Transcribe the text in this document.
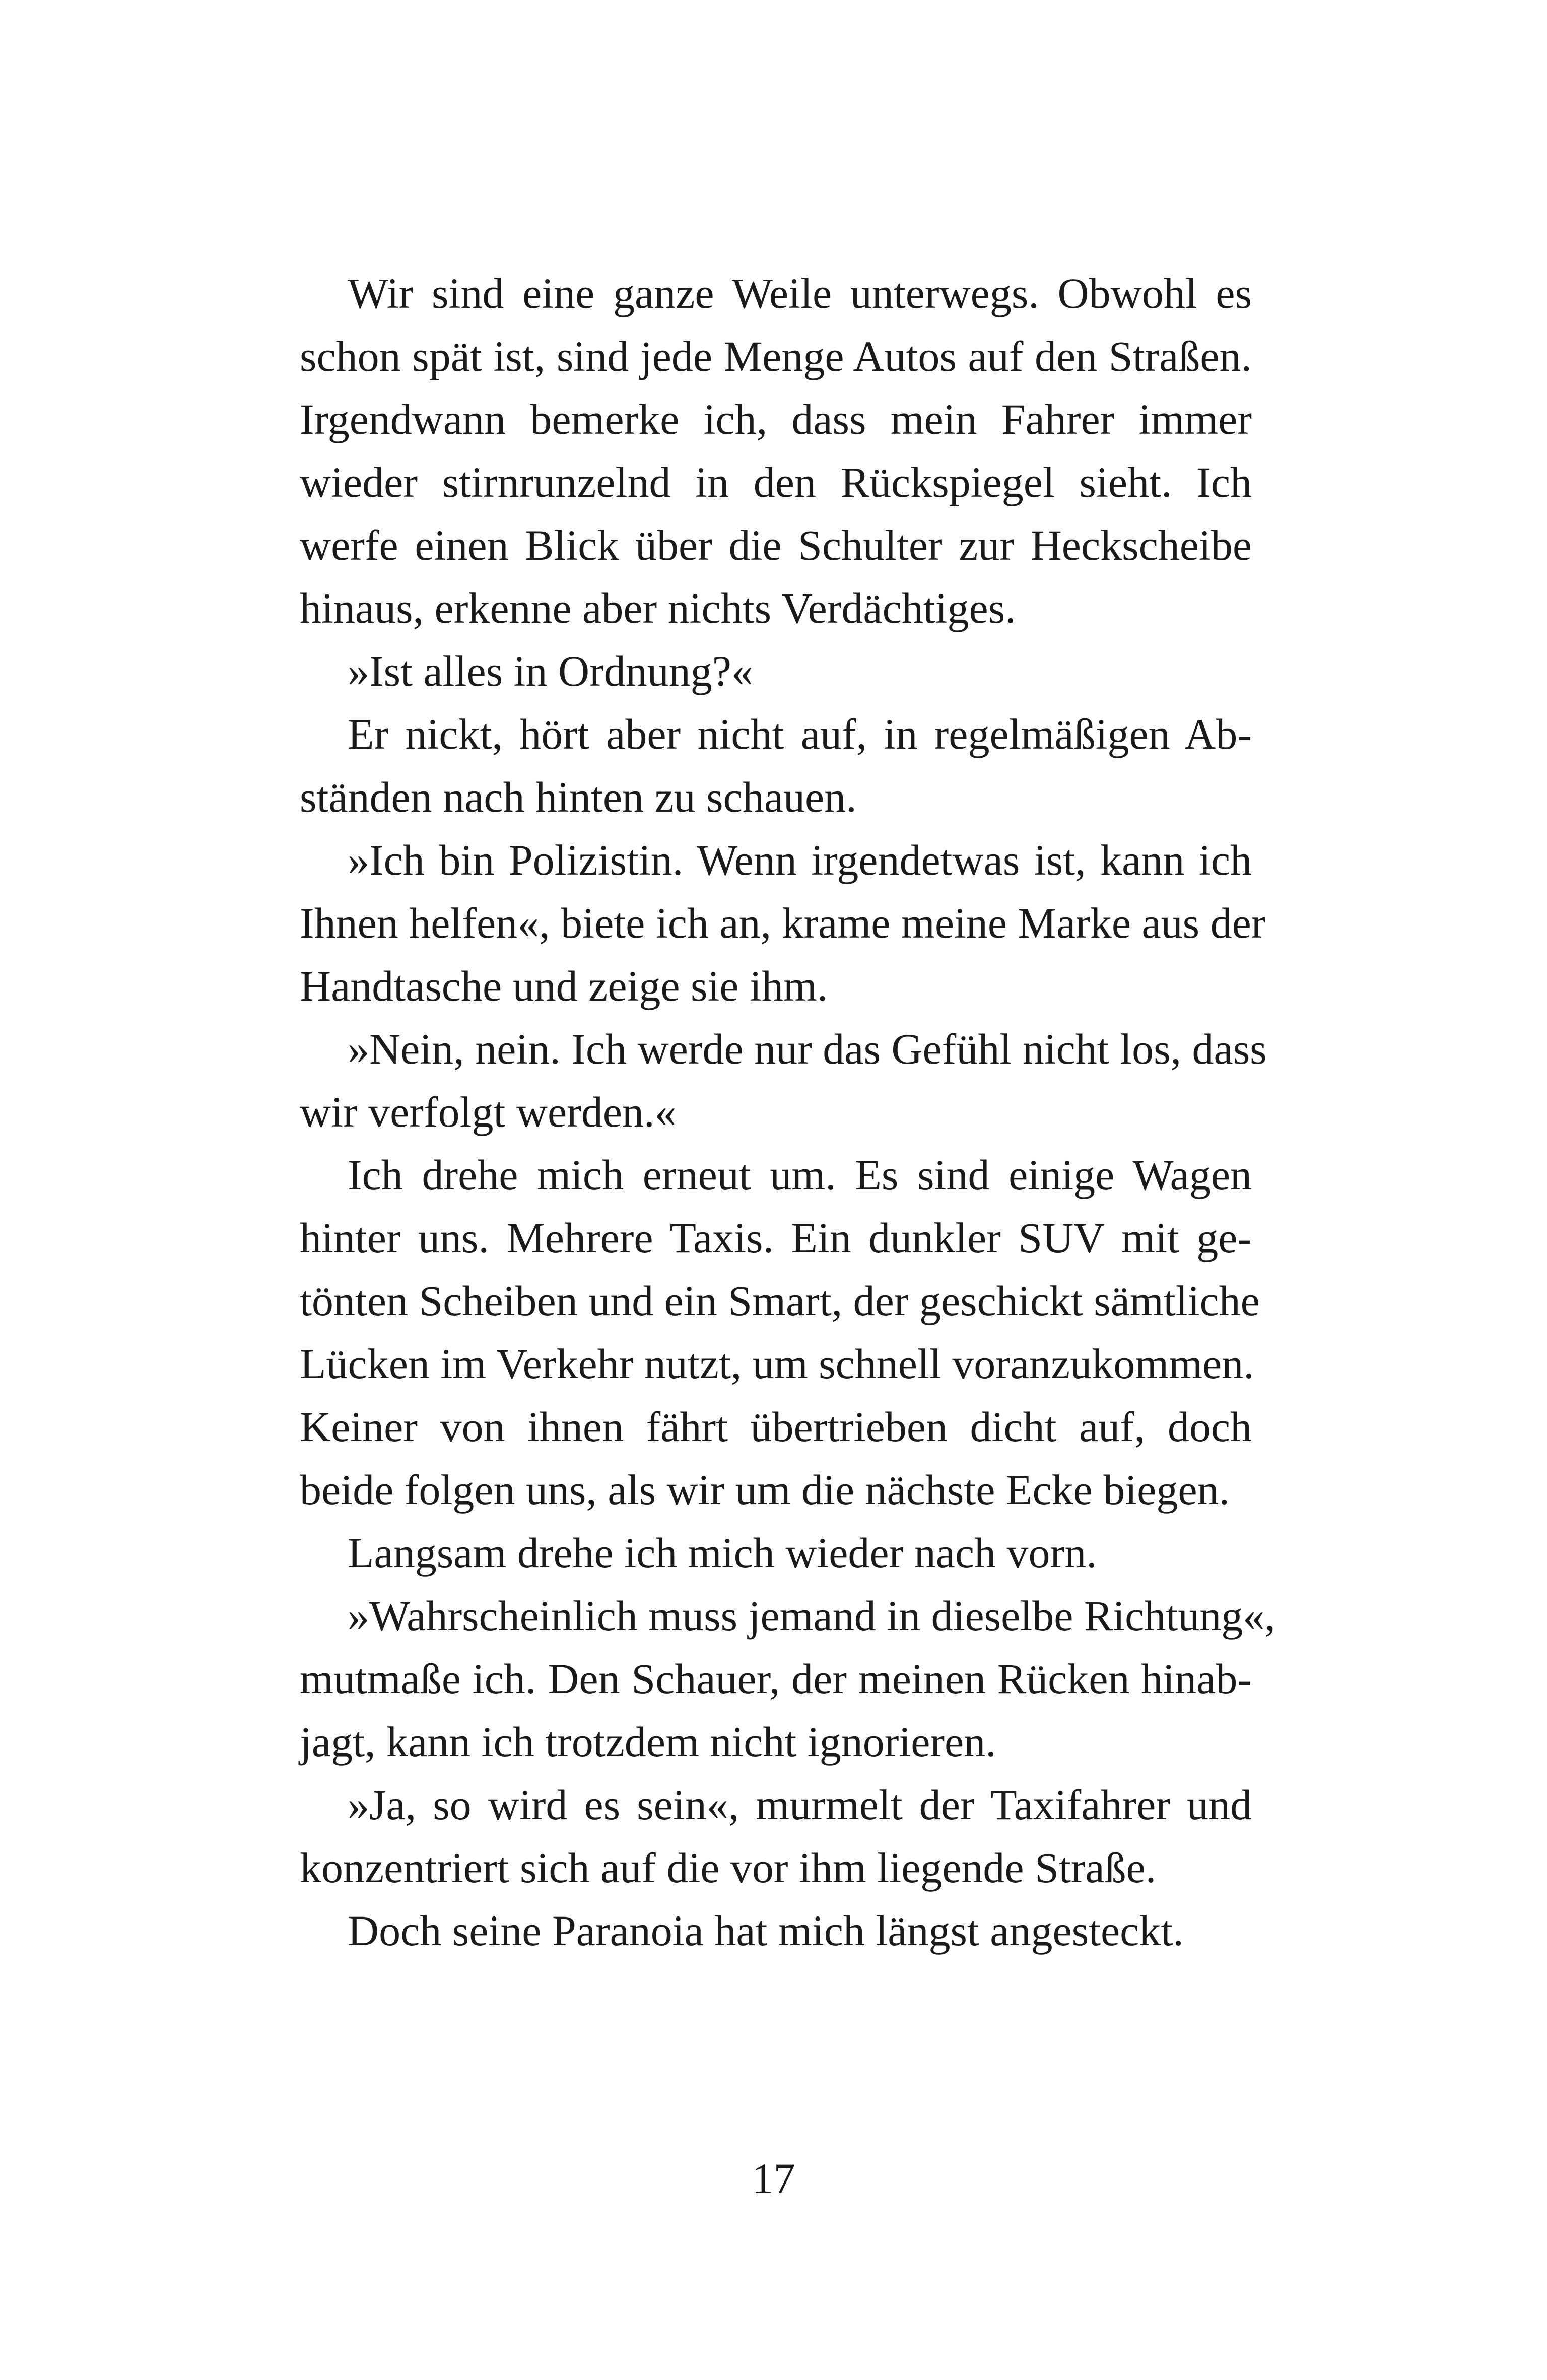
Wir sind eine ganze Weile unterwegs. Obwohl es
schon spät ist, sind jede Menge Autos auf den Straßen.
Irgendwann bemerke ich, dass mein Fahrer immer
wieder stirnrunzelnd in den Rückspiegel sieht. Ich
werfe einen Blick über die Schulter zur Heckscheibe
hinaus, erkenne aber nichts Verdächtiges.
»Ist alles in Ordnung?«
Er nickt, hört aber nicht auf, in regelmäßigen Ab-
ständen nach hinten zu schauen.
»Ich bin Polizistin. Wenn irgendetwas ist, kann ich
Ihnen helfen«, biete ich an, krame meine Marke aus der
Handtasche und zeige sie ihm.
»Nein, nein. Ich werde nur das Gefühl nicht los, dass
wir verfolgt werden.«
Ich drehe mich erneut um. Es sind einige Wagen
hinter uns. Mehrere Taxis. Ein dunkler SUV mit ge-
tönten Scheiben und ein Smart, der geschickt sämtliche
Lücken im Verkehr nutzt, um schnell voranzukommen.
Keiner von ihnen fährt übertrieben dicht auf, doch
beide folgen uns, als wir um die nächste Ecke biegen.
Langsam drehe ich mich wieder nach vorn.
»Wahrscheinlich muss jemand in dieselbe Richtung«,
mutmaße ich. Den Schauer, der meinen Rücken hinab-
jagt, kann ich trotzdem nicht ignorieren.
»Ja, so wird es sein«, murmelt der Taxifahrer und
konzentriert sich auf die vor ihm liegende Straße.
Doch seine Paranoia hat mich längst angesteckt.
17
